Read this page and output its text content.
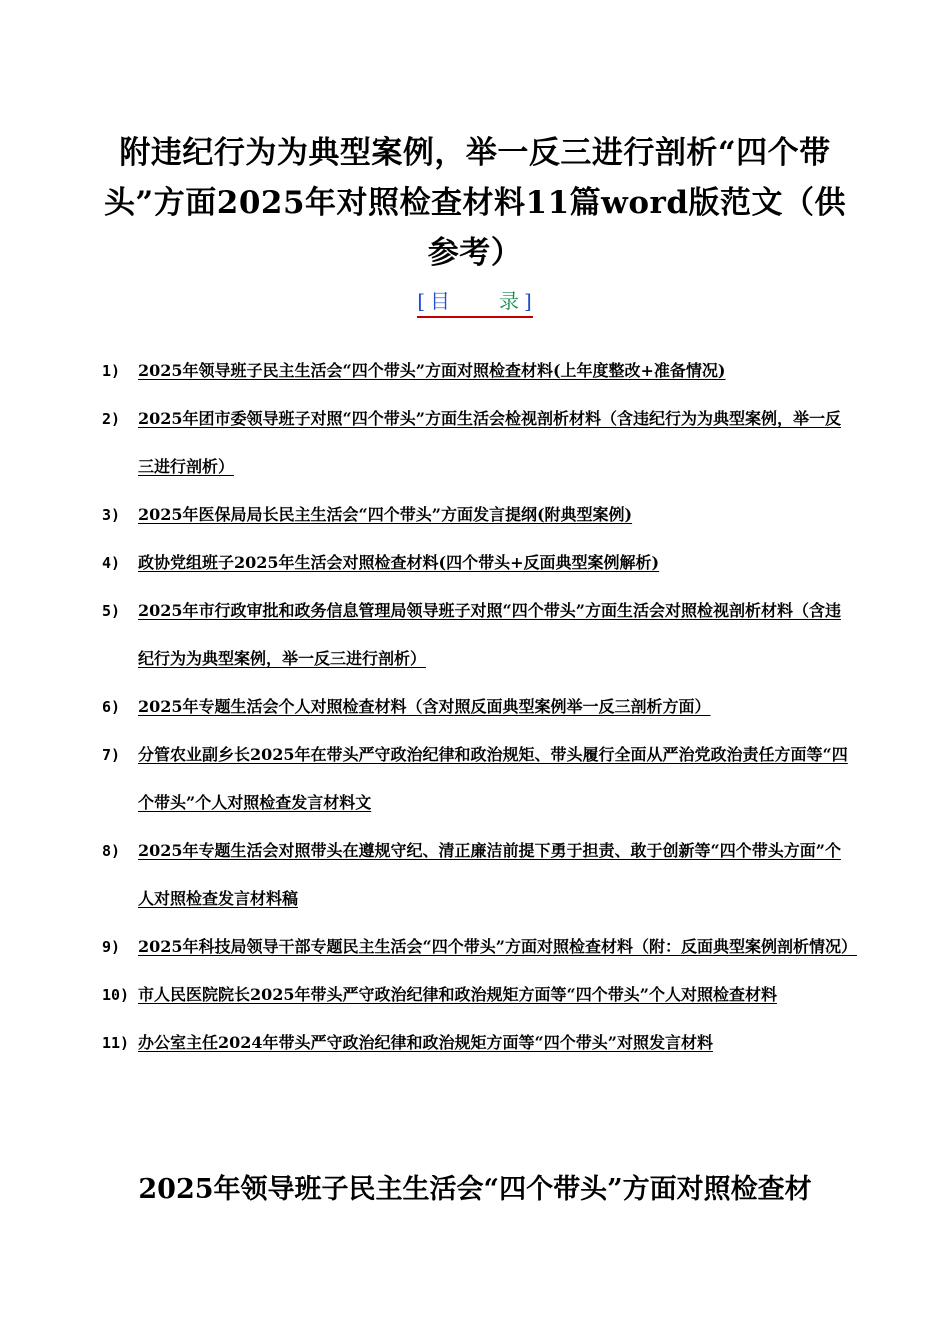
附违纪行为为典型案例，举一反三进行剖析“四个带头”方面2025年对照检查材料11篇word版范文（供参考）
[ 目 录 ]
1) 2025年领导班子民主生活会“四个带头”方面对照检查材料(上年度整改+准备情况)
2) 2025年团市委领导班子对照“四个带头”方面生活会检视剖析材料（含违纪行为为典型案例，举一反三进行剖析）
3) 2025年医保局局长民主生活会“四个带头”方面发言提纲(附典型案例)
4) 政协党组班子2025年生活会对照检查材料(四个带头+反面典型案例解析)
5) 2025年市行政审批和政务信息管理局领导班子对照“四个带头”方面生活会对照检视剖析材料（含违纪行为为典型案例，举一反三进行剖析）
6) 2025年专题生活会个人对照检查材料（含对照反面典型案例举一反三剖析方面）
7) 分管农业副乡长2025年在带头严守政治纪律和政治规矩、带头履行全面从严治党政治责任方面等“四个带头”个人对照检查发言材料文
8) 2025年专题生活会对照带头在遵规守纪、清正廉洁前提下勇于担责、敢于创新等“四个带头方面”个人对照检查发言材料稿
9) 2025年科技局领导干部专题民主生活会“四个带头”方面对照检查材料（附：反面典型案例剖析情况）
10) 市人民医院院长2025年带头严守政治纪律和政治规矩方面等“四个带头”个人对照检查材料
11) 办公室主任2024年带头严守政治纪律和政治规矩方面等“四个带头”对照发言材料
2025年领导班子民主生活会“四个带头”方面对照检查材
